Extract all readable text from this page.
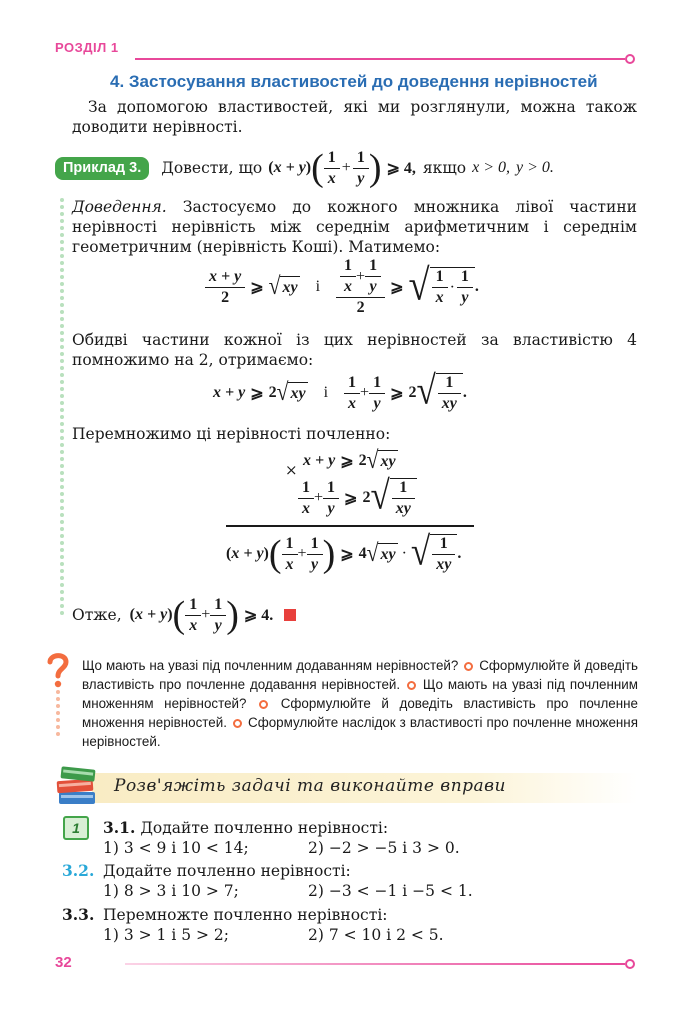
РОЗДІЛ 1
4. Застосування властивостей до доведення нерівностей
За допомогою властивостей, які ми розглянули, можна також доводити нерівності.
Приклад 3.	Довести, що ( x + y ) ( $\frac{1}{x} + \frac{1}{y}$ ) ⩾ 4, якщо x > 0, y > 0.
Доведення. Застосуємо до кожного множника лівої частини нерівності нерівність між середнім арифметичним і середнім геометричним (нерівність Коші). Матимемо:
$\frac{x + y}{2}$ ⩾ √ xy і $\frac{\frac{1}{x} + \frac{1}{y}}{2}$ ⩾ √ $\frac{1}{x} \cdot \frac{1}{y}$ .
Обидві частини кожної із цих нерівностей за властивістю 4 помножимо на 2, отримаємо:
x + y ⩾ 2 √ xy і $\frac{1}{x} + \frac{1}{y}$ ⩾ 2 √ $\frac{1}{xy}$ .
Перемножимо ці нерівності почленно:
×
x + y ⩾ 2 √ xy
$\frac{1}{x} + \frac{1}{y}$ ⩾ 2 √ $\frac{1}{xy}$
( x + y ) ( $\frac{1}{x} + \frac{1}{y}$ ) ⩾ 4 √ xy · √ $\frac{1}{xy}$ .
Отже, ( x + y ) ( $\frac{1}{x} + \frac{1}{y}$ ) ⩾ 4.
Що мають на увазі під почленним додаванням нерівностей? Сформулюйте й доведіть властивість про почленне додавання нерівностей. Що мають на увазі під почленним множенням нерівностей?	Сформулюйте й доведіть властивість про почленне множення нерівностей. Сформулюйте наслідок з властивості про почленне множення нерівностей.
Розв'яжіть задачі та виконайте вправи
1	3.1. Додайте почленно нерівності:
1) 3 < 9 і 10 < 14;	2) −2 > −5 і 3 > 0.
3.2. Додайте почленно нерівності:
1) 8 > 3 і 10 > 7;	2) −3 < −1 і −5 < 1.
3.3. Перемножте почленно нерівності:
1) 3 > 1 і 5 > 2;	2) 7 < 10 і 2 < 5.
32
